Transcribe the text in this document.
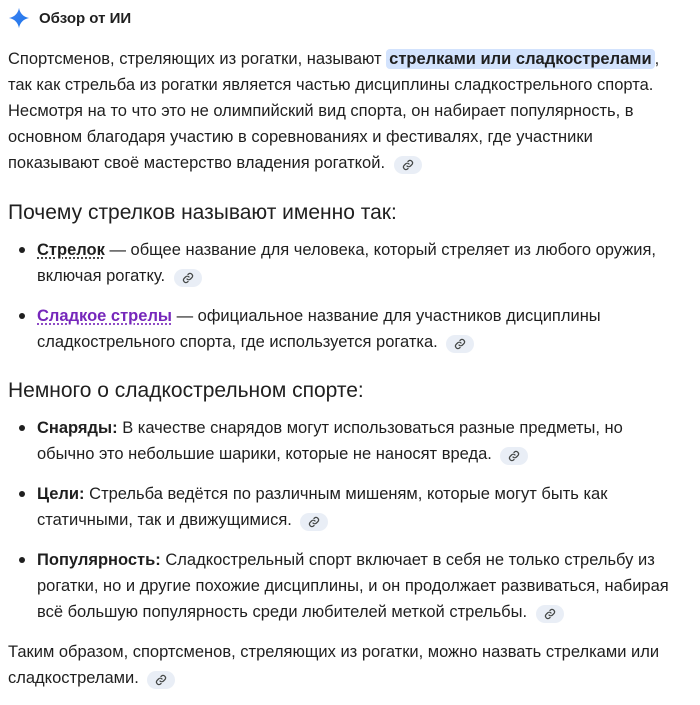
Обзор от ИИ

Спортсменов, стреляющих из рогатки, называют стрелками или сладкострелами , так как стрельба из рогатки является частью дисциплины сладкострельного спорта. Несмотря на то что это не олимпийский вид спорта, он набирает популярность, в основном благодаря участию в соревнованиях и фестивалях, где участники показывают своё мастерство владения рогаткой.

Почему стрелков называют именно так:
Стрелок — общее название для человека, который стреляет из любого оружия, включая рогатку.
Сладкое стрелы — официальное название для участников дисциплины сладкострельного спорта, где используется рогатка.
Немного о сладкострельном спорте:
Снаряды: В качестве снарядов могут использоваться разные предметы, но обычно это небольшие шарики, которые не наносят вреда.
Цели: Стрельба ведётся по различным мишеням, которые могут быть как статичными, так и движущимися.
Популярность: Сладкострельный спорт включает в себя не только стрельбу из рогатки, но и другие похожие дисциплины, и он продолжает развиваться, набирая всё большую популярность среди любителей меткой стрельбы.

Таким образом, спортсменов, стреляющих из рогатки, можно назвать стрелками или сладкострелами.
